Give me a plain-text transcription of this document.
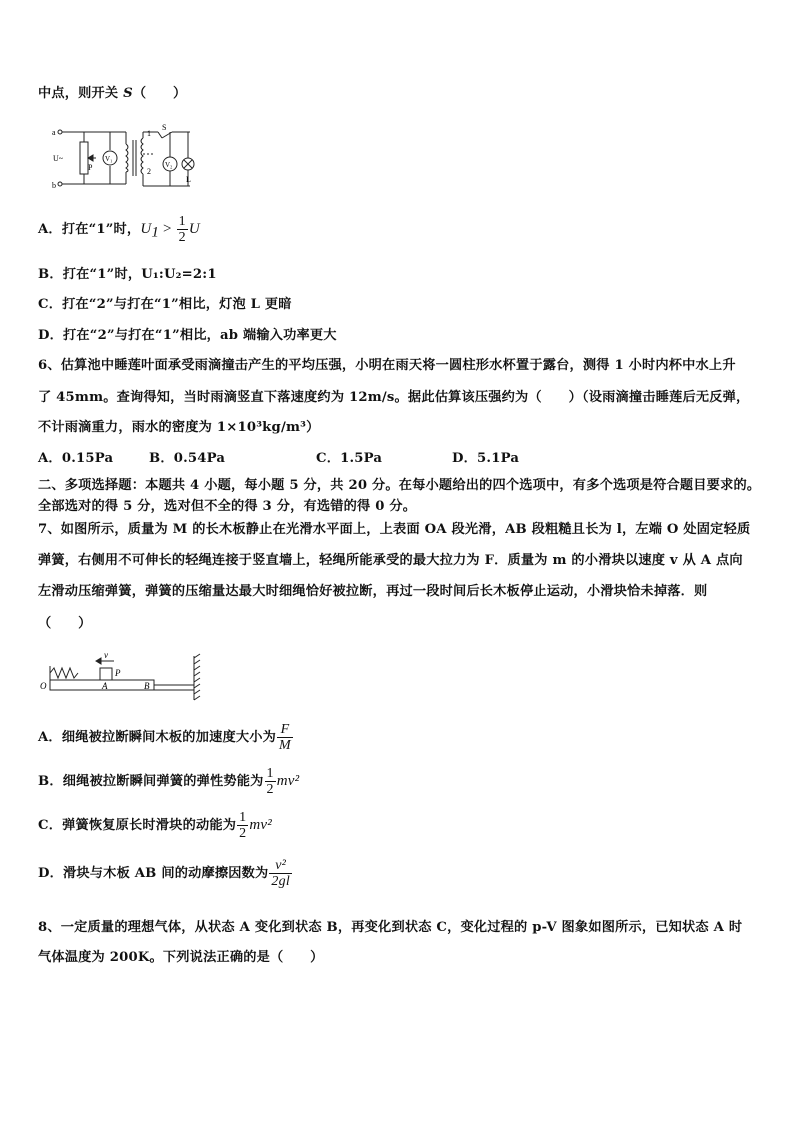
中点，则开关 S（　　）
a
b
U~
P
V₁
1
2
S
V₂
L
A．打在“1”时，$U_1 > \frac{1}{2}$ U
B．打在“1”时，U₁:U₂=2:1
C．打在“2”与打在“1”相比，灯泡 L 更暗
D．打在“2”与打在“1”相比，ab 端输入功率更大
6、估算池中睡莲叶面承受雨滴撞击产生的平均压强，小明在雨天将一圆柱形水杯置于露台，测得 1 小时内杯中水上升
了 45mm。查询得知，当时雨滴竖直下落速度约为 12m/s。据此估算该压强约为（　　）（设雨滴撞击睡莲后无反弹，
不计雨滴重力，雨水的密度为 1×10³kg/m³）
A．0.15Pa	B．0.54Pa	C．1.5Pa	D．5.1Pa
二、多项选择题：本题共 4 小题，每小题 5 分，共 20 分。在每小题给出的四个选项中，有多个选项是符合题目要求的。
全部选对的得 5 分，选对但不全的得 3 分，有选错的得 0 分。
7、如图所示，质量为 M 的长木板静止在光滑水平面上，上表面 OA 段光滑，AB 段粗糙且长为 l，左端 O 处固定轻质
弹簧，右侧用不可伸长的轻绳连接于竖直墙上，轻绳所能承受的最大拉力为 F．质量为 m 的小滑块以速度 v 从 A 点向
左滑动压缩弹簧，弹簧的压缩量达最大时细绳恰好被拉断，再过一段时间后长木板停止运动，小滑块恰未掉落．则
（　　）
v
P
O	A	B
A．细绳被拉断瞬间木板的加速度大小为 $\frac{F}{M}$
B．细绳被拉断瞬间弹簧的弹性势能为 $\frac{1}{2} mv^2$
C．弹簧恢复原长时滑块的动能为 $\frac{1}{2} mv^2$
D．滑块与木板 AB 间的动摩擦因数为 $\frac{\text{v²}}{2gl}$
8、一定质量的理想气体，从状态 A 变化到状态 B，再变化到状态 C，变化过程的 p-V 图象如图所示，已知状态 A 时
气体温度为 200K。下列说法正确的是（　　）
